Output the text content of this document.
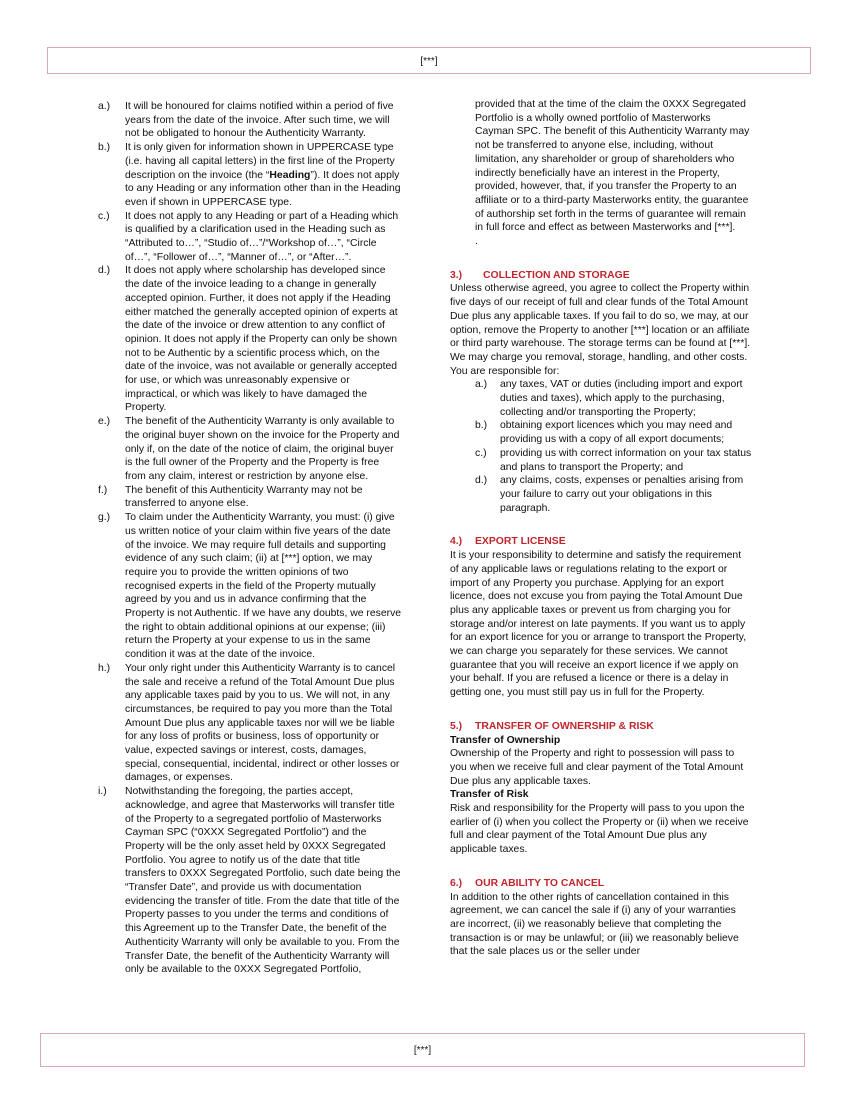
[***]
a.)	It will be honoured for claims notified within a period of five years from the date of the invoice. After such time, we will not be obligated to honour the Authenticity Warranty.
b.)	It is only given for information shown in UPPERCASE type (i.e. having all capital letters) in the first line of the Property description on the invoice (the “Heading”). It does not apply to any Heading or any information other than in the Heading even if shown in UPPERCASE type.
c.)	It does not apply to any Heading or part of a Heading which is qualified by a clarification used in the Heading such as “Attributed to…”, “Studio of…”/“Workshop of…”, “Circle of…”, “Follower of…”, “Manner of…”, or “After…”.
d.)	It does not apply where scholarship has developed since the date of the invoice leading to a change in generally accepted opinion. Further, it does not apply if the Heading either matched the generally accepted opinion of experts at the date of the invoice or drew attention to any conflict of opinion. It does not apply if the Property can only be shown not to be Authentic by a scientific process which, on the date of the invoice, was not available or generally accepted for use, or which was unreasonably expensive or impractical, or which was likely to have damaged the Property.
e.)	The benefit of the Authenticity Warranty is only available to the original buyer shown on the invoice for the Property and only if, on the date of the notice of claim, the original buyer is the full owner of the Property and the Property is free from any claim, interest or restriction by anyone else.
f.)	The benefit of this Authenticity Warranty may not be transferred to anyone else.
g.)	To claim under the Authenticity Warranty, you must: (i) give us written notice of your claim within five years of the date of the invoice. We may require full details and supporting evidence of any such claim; (ii) at [***] option, we may require you to provide the written opinions of two recognised experts in the field of the Property mutually agreed by you and us in advance confirming that the Property is not Authentic. If we have any doubts, we reserve the right to obtain additional opinions at our expense; (iii) return the Property at your expense to us in the same condition it was at the date of the invoice.
h.)	Your only right under this Authenticity Warranty is to cancel the sale and receive a refund of the Total Amount Due plus any applicable taxes paid by you to us. We will not, in any circumstances, be required to pay you more than the Total Amount Due plus any applicable taxes nor will we be liable for any loss of profits or business, loss of opportunity or value, expected savings or interest, costs, damages, special, consequential, incidental, indirect or other losses or damages, or expenses.
i.)	Notwithstanding the foregoing, the parties accept, acknowledge, and agree that Masterworks will transfer title of the Property to a segregated portfolio of Masterworks Cayman SPC (“0XXX Segregated Portfolio”) and the Property will be the only asset held by 0XXX Segregated Portfolio. You agree to notify us of the date that title transfers to 0XXX Segregated Portfolio, such date being the “Transfer Date”, and provide us with documentation evidencing the transfer of title. From the date that title of the Property passes to you under the terms and conditions of this Agreement up to the Transfer Date, the benefit of the Authenticity Warranty will only be available to you. From the Transfer Date, the benefit of the Authenticity Warranty will only be available to the 0XXX Segregated Portfolio,
provided that at the time of the claim the 0XXX Segregated Portfolio is a wholly owned portfolio of Masterworks Cayman SPC. The benefit of this Authenticity Warranty may not be transferred to anyone else, including, without limitation, any shareholder or group of shareholders who indirectly beneficially have an interest in the Property, provided, however, that, if you transfer the Property to an affiliate or to a third-party Masterworks entity, the guarantee of authorship set forth in the terms of guarantee will remain in full force and effect as between Masterworks and [***].
.
3.)	COLLECTION AND STORAGE

Unless otherwise agreed, you agree to collect the Property within five days of our receipt of full and clear funds of the Total Amount Due plus any applicable taxes. If you fail to do so, we may, at our option, remove the Property to another [***] location or an affiliate or third party warehouse. The storage terms can be found at [***]. We may charge you removal, storage, handling, and other costs. You are responsible for:

a.)	any taxes, VAT or duties (including import and export duties and taxes), which apply to the purchasing, collecting and/or transporting the Property;
b.)	obtaining export licences which you may need and providing us with a copy of all export documents;
c.)	providing us with correct information on your tax status and plans to transport the Property; and
d.)	any claims, costs, expenses or penalties arising from your failure to carry out your obligations in this paragraph.
4.)	EXPORT LICENSE

It is your responsibility to determine and satisfy the requirement of any applicable laws or regulations relating to the export or import of any Property you purchase. Applying for an export licence, does not excuse you from paying the Total Amount Due plus any applicable taxes or prevent us from charging you for storage and/or interest on late payments. If you want us to apply for an export licence for you or arrange to transport the Property, we can charge you separately for these services. We cannot guarantee that you will receive an export licence if we apply on your behalf. If you are refused a licence or there is a delay in getting one, you must still pay us in full for the Property.

5.)	TRANSFER OF OWNERSHIP & RISK
Transfer of Ownership

Ownership of the Property and right to possession will pass to you when we receive full and clear payment of the Total Amount Due plus any applicable taxes.

Transfer of Risk

Risk and responsibility for the Property will pass to you upon the earlier of (i) when you collect the Property or (ii) when we receive full and clear payment of the Total Amount Due plus any applicable taxes.

6.)	OUR ABILITY TO CANCEL

In addition to the other rights of cancellation contained in this agreement, we can cancel the sale if (i) any of your warranties are incorrect, (ii) we reasonably believe that completing the transaction is or may be unlawful; or (iii) we reasonably believe that the sale places us or the seller under

[***]
